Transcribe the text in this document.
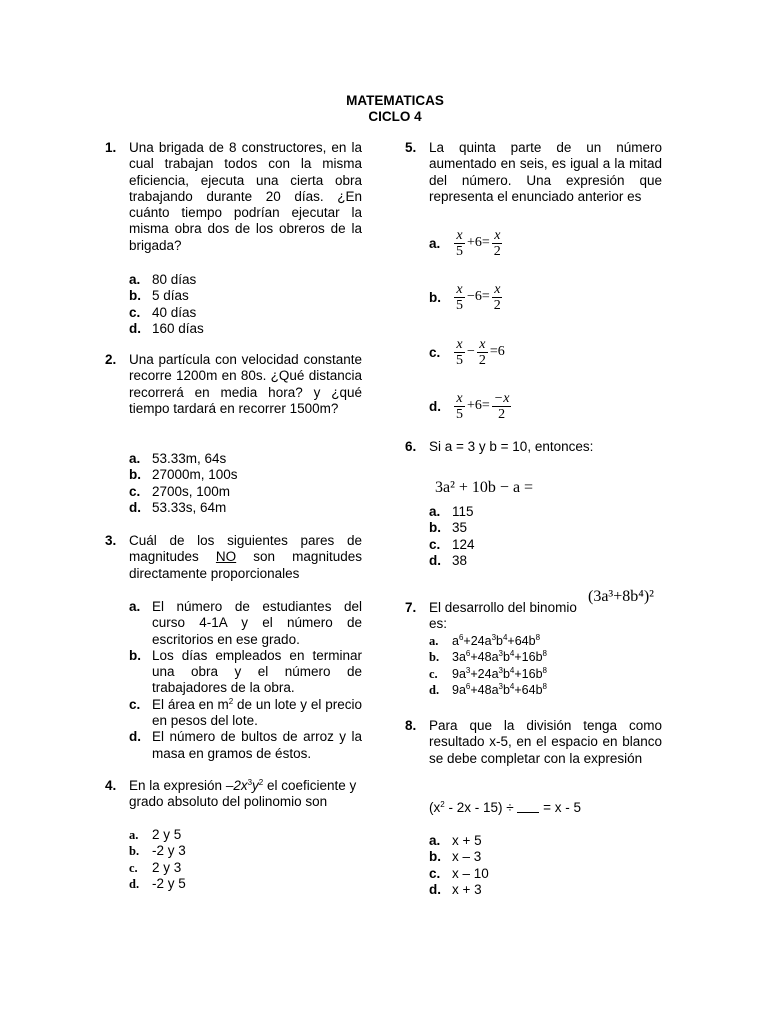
MATEMATICAS
CICLO 4
1. Una brigada de 8 constructores, en la cual trabajan todos con la misma eficiencia, ejecuta una cierta obra trabajando durante 20 días. ¿En cuánto tiempo podrían ejecutar la misma obra dos de los obreros de la brigada?
a. 80 días
b. 5 días
c. 40 días
d. 160 días
2. Una partícula con velocidad constante recorre 1200m en 80s. ¿Qué distancia recorrerá en media hora? y ¿qué tiempo tardará en recorrer 1500m?
a. 53.33m, 64s
b. 27000m, 100s
c. 2700s, 100m
d. 53.33s, 64m
3. Cuál de los siguientes pares de magnitudes NO son magnitudes directamente proporcionales
a. El número de estudiantes del curso 4-1A y el número de escritorios en ese grado.
b. Los días empleados en terminar una obra y el número de trabajadores de la obra.
c. El área en $m^2$ de un lote y el precio en pesos del lote.
d. El número de bultos de arroz y la masa en gramos de éstos.
4. En la expresión $-2x^3y^2$ el coeficiente y grado absoluto del polinomio son
a. 2 y 5
b. -2 y 3
c. 2 y 3
d. -2 y 5
5. La quinta parte de un número aumentado en seis, es igual a la mitad del número. Una expresión que representa el enunciado anterior es
a. $\frac{x}{5} +6= \frac{x}{2}$
b. $\frac{x}{5} -6= \frac{x}{2}$
c. $\frac{x}{5} - \frac{x}{2} =6$
d. $\frac{x}{5} +6= \frac{-x}{2}$
6. Si a = 3 y b = 10, entonces:
3a² + 10b − a =
a. 115
b. 35
c. 124
d. 38
7. El desarrollo del binomio
es:
(3a³+8b⁴)²
a. $a^6+24a^3b^4+64b^8$
b. $3a^6+48a^3b^4+16b^8$
c. $9a^3+24a^3b^4+16b^8$
d. $9a^6+48a^3b^4+64b^8$
8. Para que la división tenga como resultado x-5, en el espacio en blanco se debe completar con la expresión
$(x^2 - 2x - 15)$ ÷  = x - 5
a. x + 5
b. x – 3
c. x – 10
d. x + 3
